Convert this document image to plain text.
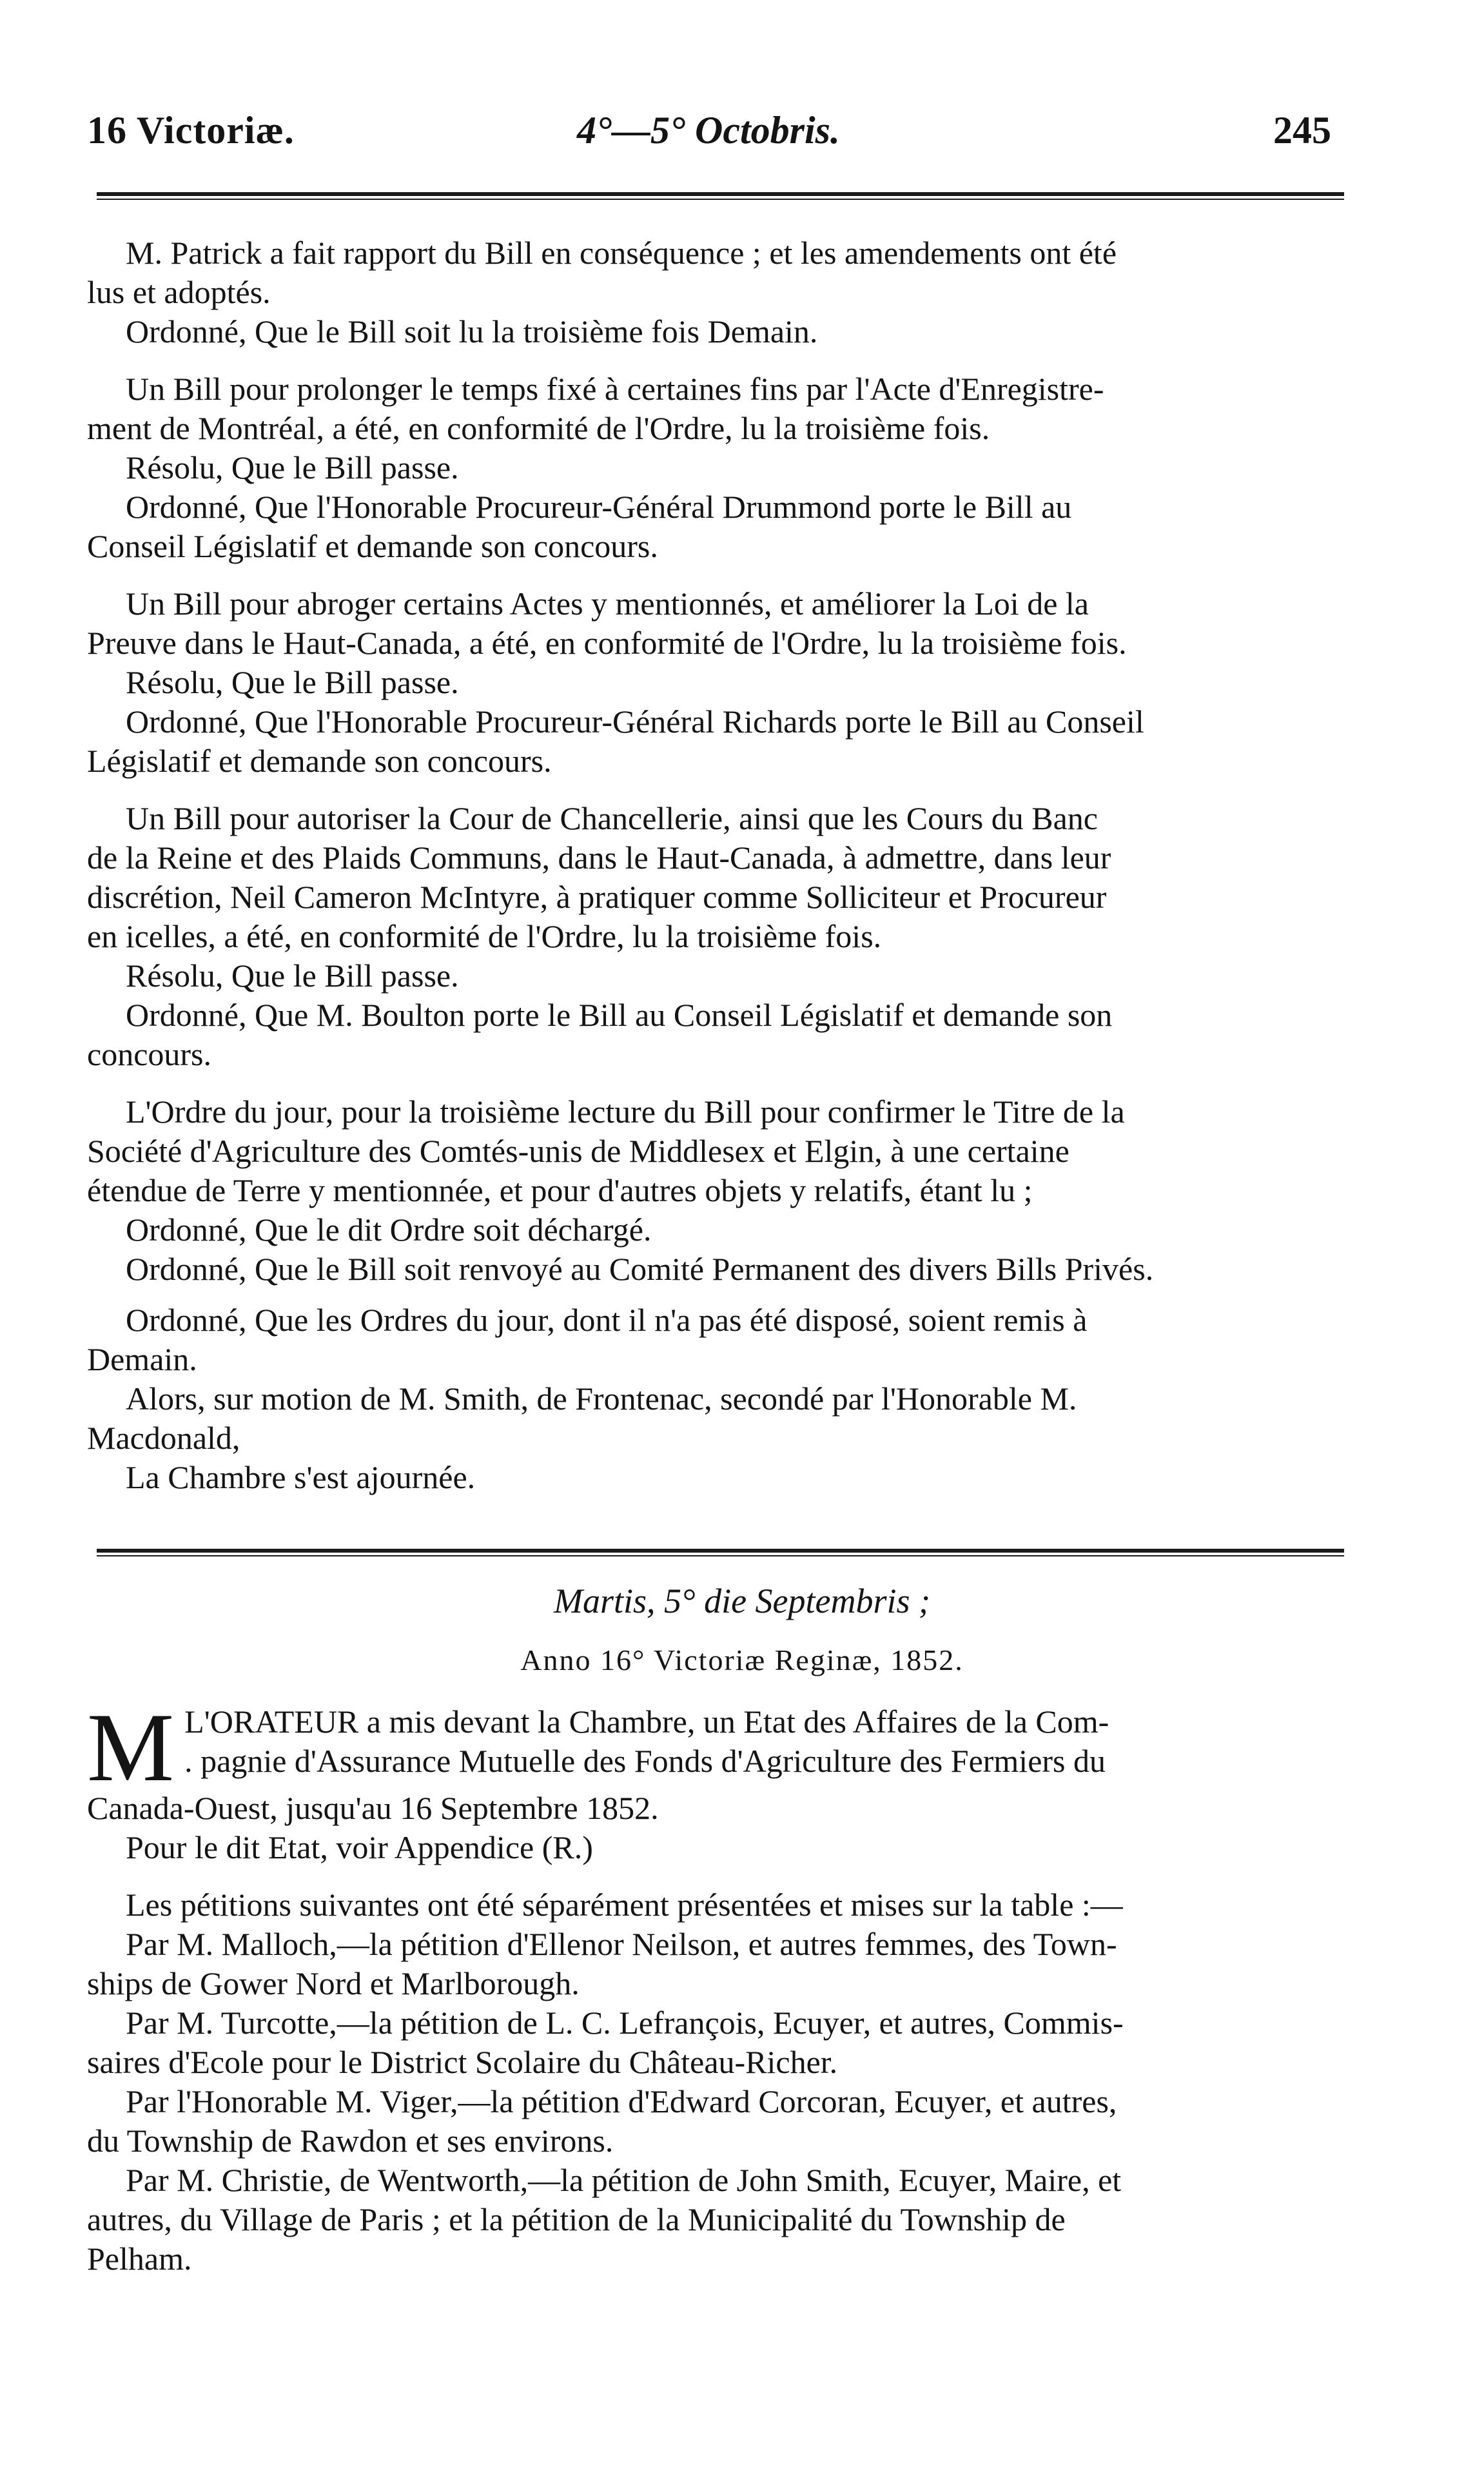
16 Victoriæ.	4°—5° Octobris.	245

M. Patrick a fait rapport du Bill en conséquence ; et les amendements ont été

lus et adoptés.

Ordonné, Que le Bill soit lu la troisième fois Demain.

Un Bill pour prolonger le temps fixé à certaines fins par l'Acte d'Enregistre-

ment de Montréal, a été, en conformité de l'Ordre, lu la troisième fois.

Résolu, Que le Bill passe.

Ordonné, Que l'Honorable Procureur-Général Drummond porte le Bill au

Conseil Législatif et demande son concours.

Un Bill pour abroger certains Actes y mentionnés, et améliorer la Loi de la

Preuve dans le Haut-Canada, a été, en conformité de l'Ordre, lu la troisième fois.

Résolu, Que le Bill passe.

Ordonné, Que l'Honorable Procureur-Général Richards porte le Bill au Conseil

Législatif et demande son concours.

Un Bill pour autoriser la Cour de Chancellerie, ainsi que les Cours du Banc

de la Reine et des Plaids Communs, dans le Haut-Canada, à admettre, dans leur

discrétion, Neil Cameron McIntyre, à pratiquer comme Solliciteur et Procureur

en icelles, a été, en conformité de l'Ordre, lu la troisième fois.

Résolu, Que le Bill passe.

Ordonné, Que M. Boulton porte le Bill au Conseil Législatif et demande son

concours.

L'Ordre du jour, pour la troisième lecture du Bill pour confirmer le Titre de la

Société d'Agriculture des Comtés-unis de Middlesex et Elgin, à une certaine

étendue de Terre y mentionnée, et pour d'autres objets y relatifs, étant lu ;

Ordonné, Que le dit Ordre soit déchargé.

Ordonné, Que le Bill soit renvoyé au Comité Permanent des divers Bills Privés.

Ordonné, Que les Ordres du jour, dont il n'a pas été disposé, soient remis à

Demain.

Alors, sur motion de M. Smith, de Frontenac, secondé par l'Honorable M.

Macdonald,

La Chambre s'est ajournée.

Martis, 5° die Septembris ;
Anno 16° Victoriæ Reginæ, 1852.
M L'ORATEUR a mis devant la Chambre, un Etat des Affaires de la Com-

. pagnie d'Assurance Mutuelle des Fonds d'Agriculture des Fermiers du

Canada-Ouest, jusqu'au 16 Septembre 1852.

Pour le dit Etat, voir Appendice (R.)

Les pétitions suivantes ont été séparément présentées et mises sur la table :—

Par M. Malloch,—la pétition d'Ellenor Neilson, et autres femmes, des Town-

ships de Gower Nord et Marlborough.

Par M. Turcotte,—la pétition de L. C. Lefrançois, Ecuyer, et autres, Commis-

saires d'Ecole pour le District Scolaire du Château-Richer.

Par l'Honorable M. Viger,—la pétition d'Edward Corcoran, Ecuyer, et autres,

du Township de Rawdon et ses environs.

Par M. Christie, de Wentworth,—la pétition de John Smith, Ecuyer, Maire, et

autres, du Village de Paris ; et la pétition de la Municipalité du Township de

Pelham.
